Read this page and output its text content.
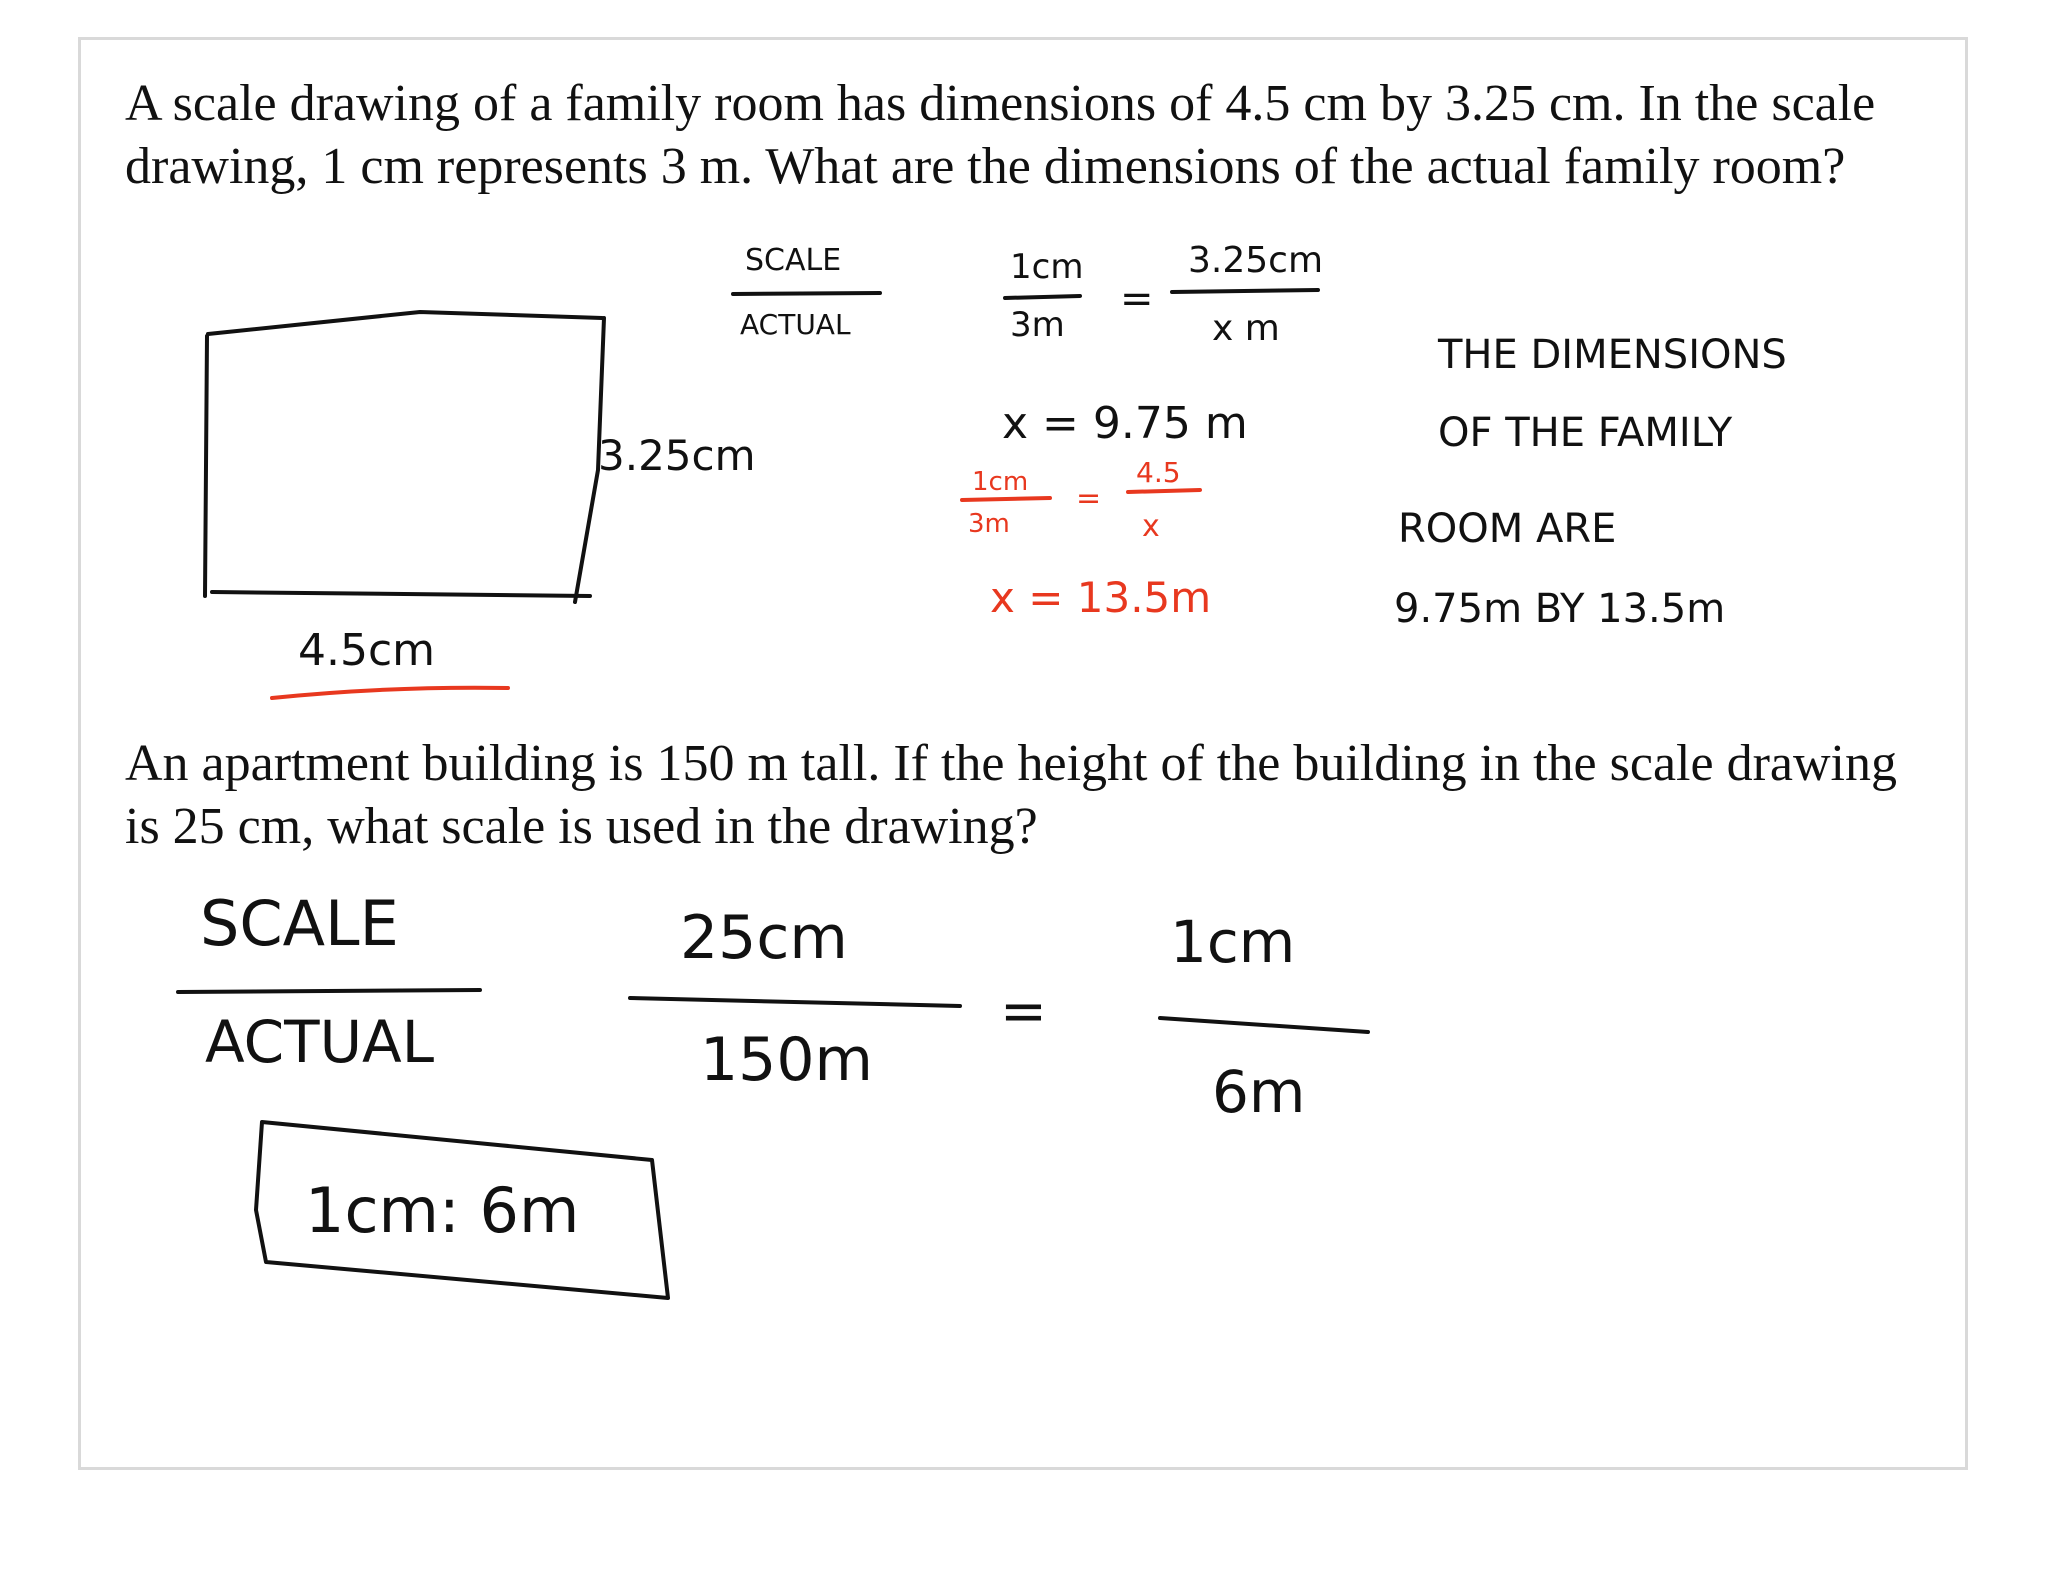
A scale drawing of a family room has dimensions of 4.5 cm by 3.25 cm. In the scale drawing, 1 cm represents 3 m. What are the dimensions of the actual family room?

An apartment building is 150 m tall. If the height of the building in the scale drawing is 25 cm, what scale is used in the drawing?

3.25cm
4.5cm
SCALE
ACTUAL
1cm
3m
=
3.25cm
x m
x = 9.75 m
1cm
3m
=
4.5
x
x = 13.5m
THE DIMENSIONS
OF THE FAMILY
ROOM ARE
9.75m BY 13.5m
SCALE
ACTUAL
25cm
150m
=
1cm
6m
1cm: 6m
